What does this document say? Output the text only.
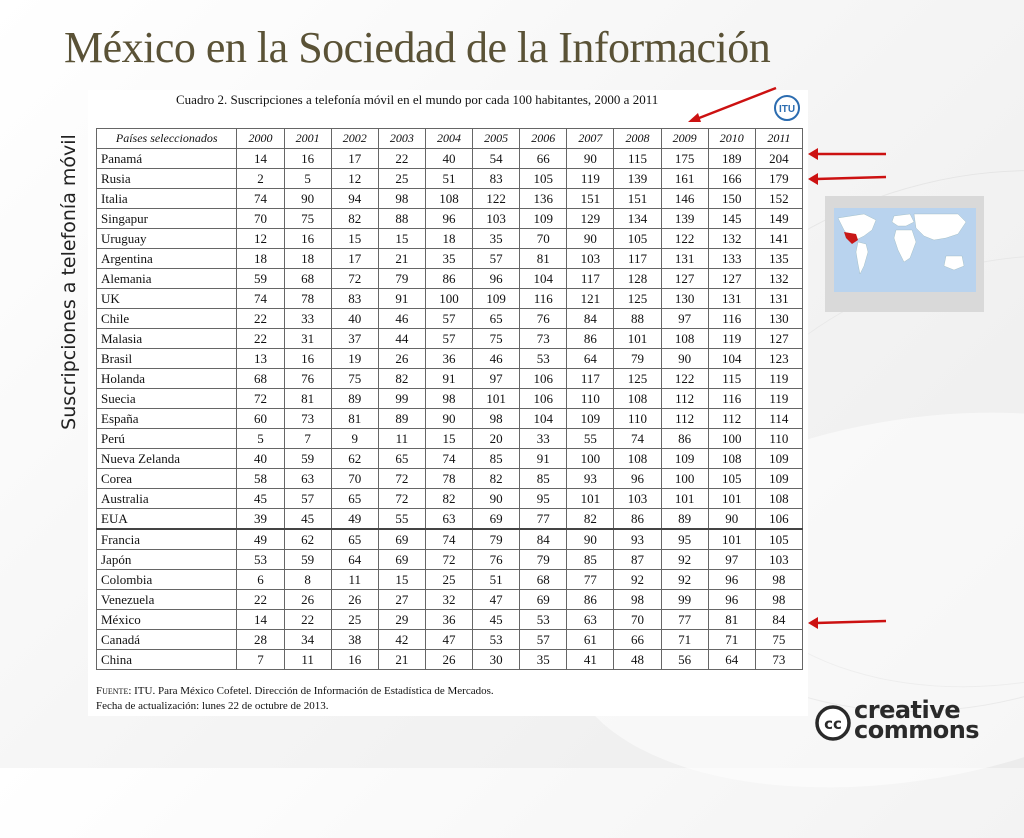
México en la Sociedad de la Información
Suscripciones a telefonía móvil
Cuadro 2. Suscripciones a telefonía móvil en el mundo por cada 100 habitantes, 2000 a 2011
ITU
Países seleccionados	2000	2001	2002	2003	2004	2005	2006	2007	2008	2009	2010	2011
Panamá	14	16	17	22	40	54	66	90	115	175	189	204
Rusia	2	5	12	25	51	83	105	119	139	161	166	179
Italia	74	90	94	98	108	122	136	151	151	146	150	152
Singapur	70	75	82	88	96	103	109	129	134	139	145	149
Uruguay	12	16	15	15	18	35	70	90	105	122	132	141
Argentina	18	18	17	21	35	57	81	103	117	131	133	135
Alemania	59	68	72	79	86	96	104	117	128	127	127	132
UK	74	78	83	91	100	109	116	121	125	130	131	131
Chile	22	33	40	46	57	65	76	84	88	97	116	130
Malasia	22	31	37	44	57	75	73	86	101	108	119	127
Brasil	13	16	19	26	36	46	53	64	79	90	104	123
Holanda	68	76	75	82	91	97	106	117	125	122	115	119
Suecia	72	81	89	99	98	101	106	110	108	112	116	119
España	60	73	81	89	90	98	104	109	110	112	112	114
Perú	5	7	9	11	15	20	33	55	74	86	100	110
Nueva Zelanda	40	59	62	65	74	85	91	100	108	109	108	109
Corea	58	63	70	72	78	82	85	93	96	100	105	109
Australia	45	57	65	72	82	90	95	101	103	101	101	108
EUA	39	45	49	55	63	69	77	82	86	89	90	106
Francia	49	62	65	69	74	79	84	90	93	95	101	105
Japón	53	59	64	69	72	76	79	85	87	92	97	103
Colombia	6	8	11	15	25	51	68	77	92	92	96	98
Venezuela	22	26	26	27	32	47	69	86	98	99	96	98
México	14	22	25	29	36	45	53	63	70	77	81	84
Canadá	28	34	38	42	47	53	57	61	66	71	71	75
China	7	11	16	21	26	30	35	41	48	56	64	73
Fuente: ITU. Para México Cofetel. Dirección de Información de Estadística de Mercados.
Fecha de actualización: lunes 22 de octubre de 2013.
cc creative
commons
